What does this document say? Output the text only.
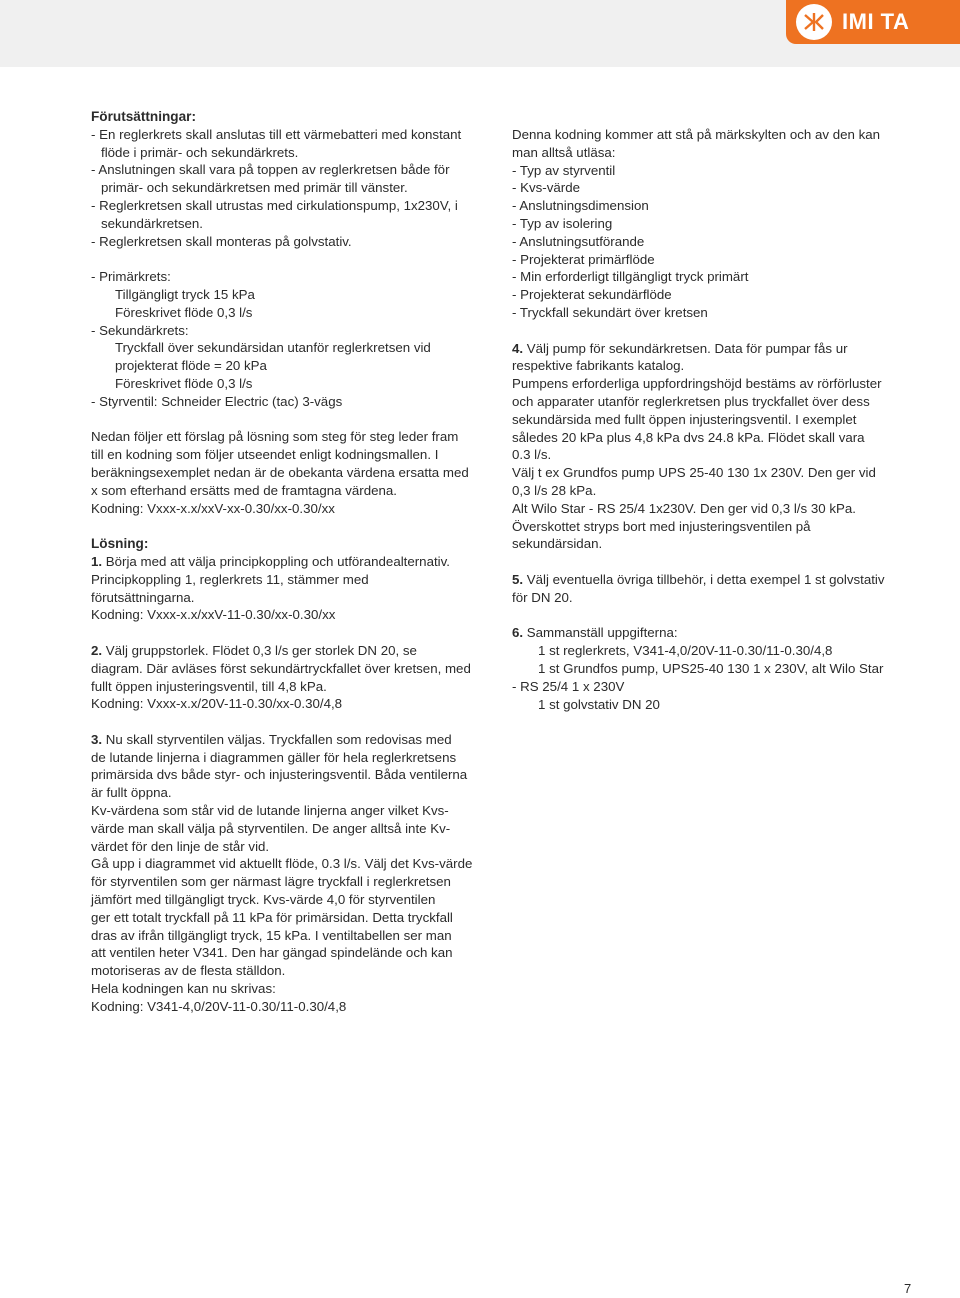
IMI TA

Förutsättningar:

- En reglerkrets skall anslutas till ett värmebatteri med konstant

flöde i primär- och sekundärkrets.

- Anslutningen skall vara på toppen av reglerkretsen både för

primär- och sekundärkretsen med primär till vänster.

- Reglerkretsen skall utrustas med cirkulationspump, 1x230V, i

sekundärkretsen.

- Reglerkretsen skall monteras på golvstativ.

- Primärkrets:

Tillgängligt tryck 15 kPa

Föreskrivet flöde 0,3 l/s

- Sekundärkrets:

Tryckfall över sekundärsidan utanför reglerkretsen vid

projekterat flöde = 20 kPa

Föreskrivet flöde 0,3 l/s

- Styrventil: Schneider Electric (tac) 3-vägs

Nedan följer ett förslag på lösning som steg för steg leder fram
till en kodning som följer utseendet enligt kodningsmallen. I
beräkningsexemplet nedan är de obekanta värdena ersatta med
x som efterhand ersätts med de framtagna värdena.
Kodning: Vxxx-x.x/xxV-xx-0.30/xx-0.30/xx

Lösning:

1. Börja med att välja principkoppling och utförandealternativ.
Principkoppling 1, reglerkrets 11, stämmer med
förutsättningarna.
Kodning: Vxxx-x.x/xxV-11-0.30/xx-0.30/xx

2. Välj gruppstorlek. Flödet 0,3 l/s ger storlek DN 20, se
diagram. Där avläses först sekundärtryckfallet över kretsen, med
fullt öppen injusteringsventil, till 4,8 kPa.
Kodning: Vxxx-x.x/20V-11-0.30/xx-0.30/4,8

3. Nu skall styrventilen väljas. Tryckfallen som redovisas med
de lutande linjerna i diagrammen gäller för hela reglerkretsens
primärsida dvs både styr- och injusteringsventil. Båda ventilerna
är fullt öppna.
Kv-värdena som står vid de lutande linjerna anger vilket Kvs-
värde man skall välja på styrventilen. De anger alltså inte Kv-
värdet för den linje de står vid.
Gå upp i diagrammet vid aktuellt flöde, 0.3 l/s. Välj det Kvs-värde
för styrventilen som ger närmast lägre tryckfall i reglerkretsen
jämfört med tillgängligt tryck. Kvs-värde 4,0 för styrventilen
ger ett totalt tryckfall på 11 kPa för primärsidan. Detta tryckfall
dras av ifrån tillgängligt tryck, 15 kPa. I ventiltabellen ser man
att ventilen heter V341. Den har gängad spindelände och kan
motoriseras av de flesta ställdon.
Hela kodningen kan nu skrivas:
Kodning: V341-4,0/20V-11-0.30/11-0.30/4,8

Denna kodning kommer att stå på märkskylten och av den kan
man alltså utläsa:

- Typ av styrventil

- Kvs-värde

- Anslutningsdimension

- Typ av isolering

- Anslutningsutförande

- Projekterat primärflöde

- Min erforderligt tillgängligt tryck primärt

- Projekterat sekundärflöde

- Tryckfall sekundärt över kretsen

4. Välj pump för sekundärkretsen. Data för pumpar fås ur
respektive fabrikants katalog.
Pumpens erforderliga uppfordringshöjd bestäms av rörförluster
och apparater utanför reglerkretsen plus tryckfallet över dess
sekundärsida med fullt öppen injusteringsventil. I exemplet
således 20 kPa plus 4,8 kPa dvs 24.8 kPa. Flödet skall vara
0.3 l/s.
Välj t ex Grundfos pump UPS 25-40 130 1x 230V. Den ger vid
0,3 l/s 28 kPa.
Alt Wilo Star - RS 25/4 1x230V. Den ger vid 0,3 l/s 30 kPa.
Överskottet stryps bort med injusteringsventilen på
sekundärsidan.

5. Välj eventuella övriga tillbehör, i detta exempel 1 st golvstativ
för DN 20.

6. Sammanställ uppgifterna:

1 st reglerkrets, V341-4,0/20V-11-0.30/11-0.30/4,8

1 st Grundfos pump, UPS25-40 130 1 x 230V, alt Wilo Star

- RS 25/4 1 x 230V

1 st golvstativ DN 20

7
